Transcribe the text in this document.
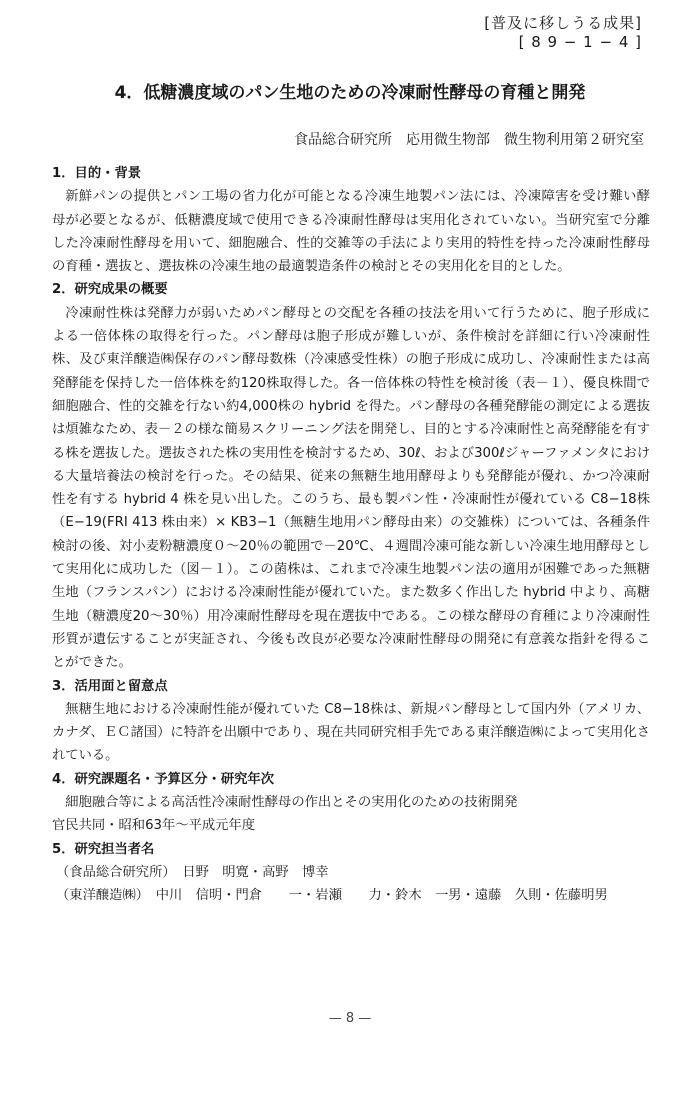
[普及に移しうる成果]
[ 8 9 − 1 − 4 ]
4．低糖濃度域のパン生地のための冷凍耐性酵母の育種と開発
食品総合研究所　応用微生物部　微生物利用第２研究室

1．目的・背景

新鮮パンの提供とパン工場の省力化が可能となる冷凍生地製パン法には、冷凍障害を受け難い酵母が必要となるが、低糖濃度域で使用できる冷凍耐性酵母は実用化されていない。当研究室で分離した冷凍耐性酵母を用いて、細胞融合、性的交雑等の手法により実用的特性を持った冷凍耐性酵母の育種・選抜と、選抜株の冷凍生地の最適製造条件の検討とその実用化を目的とした。

2．研究成果の概要

冷凍耐性株は発酵力が弱いためパン酵母との交配を各種の技法を用いて行うために、胞子形成による一倍体株の取得を行った。パン酵母は胞子形成が難しいが、条件検討を詳細に行い冷凍耐性株、及び東洋醸造㈱保存のパン酵母数株（冷凍感受性株）の胞子形成に成功し、冷凍耐性または高発酵能を保持した一倍体株を約120株取得した。各一倍体株の特性を検討後（表－１）、優良株間で細胞融合、性的交雑を行ない約4,000株の hybrid を得た。パン酵母の各種発酵能の測定による選抜は煩雑なため、表－２の様な簡易スクリーニング法を開発し、目的とする冷凍耐性と高発酵能を有する株を選抜した。選抜された株の実用性を検討するため、30ℓ、および300ℓジャーファメンタにおける大量培養法の検討を行った。その結果、従来の無糖生地用酵母よりも発酵能が優れ、かつ冷凍耐性を有する hybrid 4 株を見い出した。このうち、最も製パン性・冷凍耐性が優れている C8−18株（E−19(FRI 413 株由来）× KB3−1（無糖生地用パン酵母由来）の交雑株）については、各種条件検討の後、対小麦粉糖濃度０～20％の範囲で－20℃、４週間冷凍可能な新しい冷凍生地用酵母として実用化に成功した（図－１）。この菌株は、これまで冷凍生地製パン法の適用が困難であった無糖生地（フランスパン）における冷凍耐性能が優れていた。また数多く作出した hybrid 中より、高糖生地（糖濃度20～30％）用冷凍耐性酵母を現在選抜中である。この様な酵母の育種により冷凍耐性形質が遺伝することが実証され、今後も改良が必要な冷凍耐性酵母の開発に有意義な指針を得ることができた。

3．活用面と留意点

無糖生地における冷凍耐性能が優れていた C8−18株は、新規パン酵母として国内外（アメリカ、カナダ、ＥＣ諸国）に特許を出願中であり、現在共同研究相手先である東洋醸造㈱によって実用化されている。

4．研究課題名・予算区分・研究年次

細胞融合等による高活性冷凍耐性酵母の作出とその実用化のための技術開発

官民共同・昭和63年～平成元年度

5．研究担当者名

（食品総合研究所）　日野　明寛・高野　博幸

（東洋醸造㈱）　中川　信明・門倉　　一・岩瀬　　力・鈴木　一男・遠藤　久則・佐藤明男

— 8 —
